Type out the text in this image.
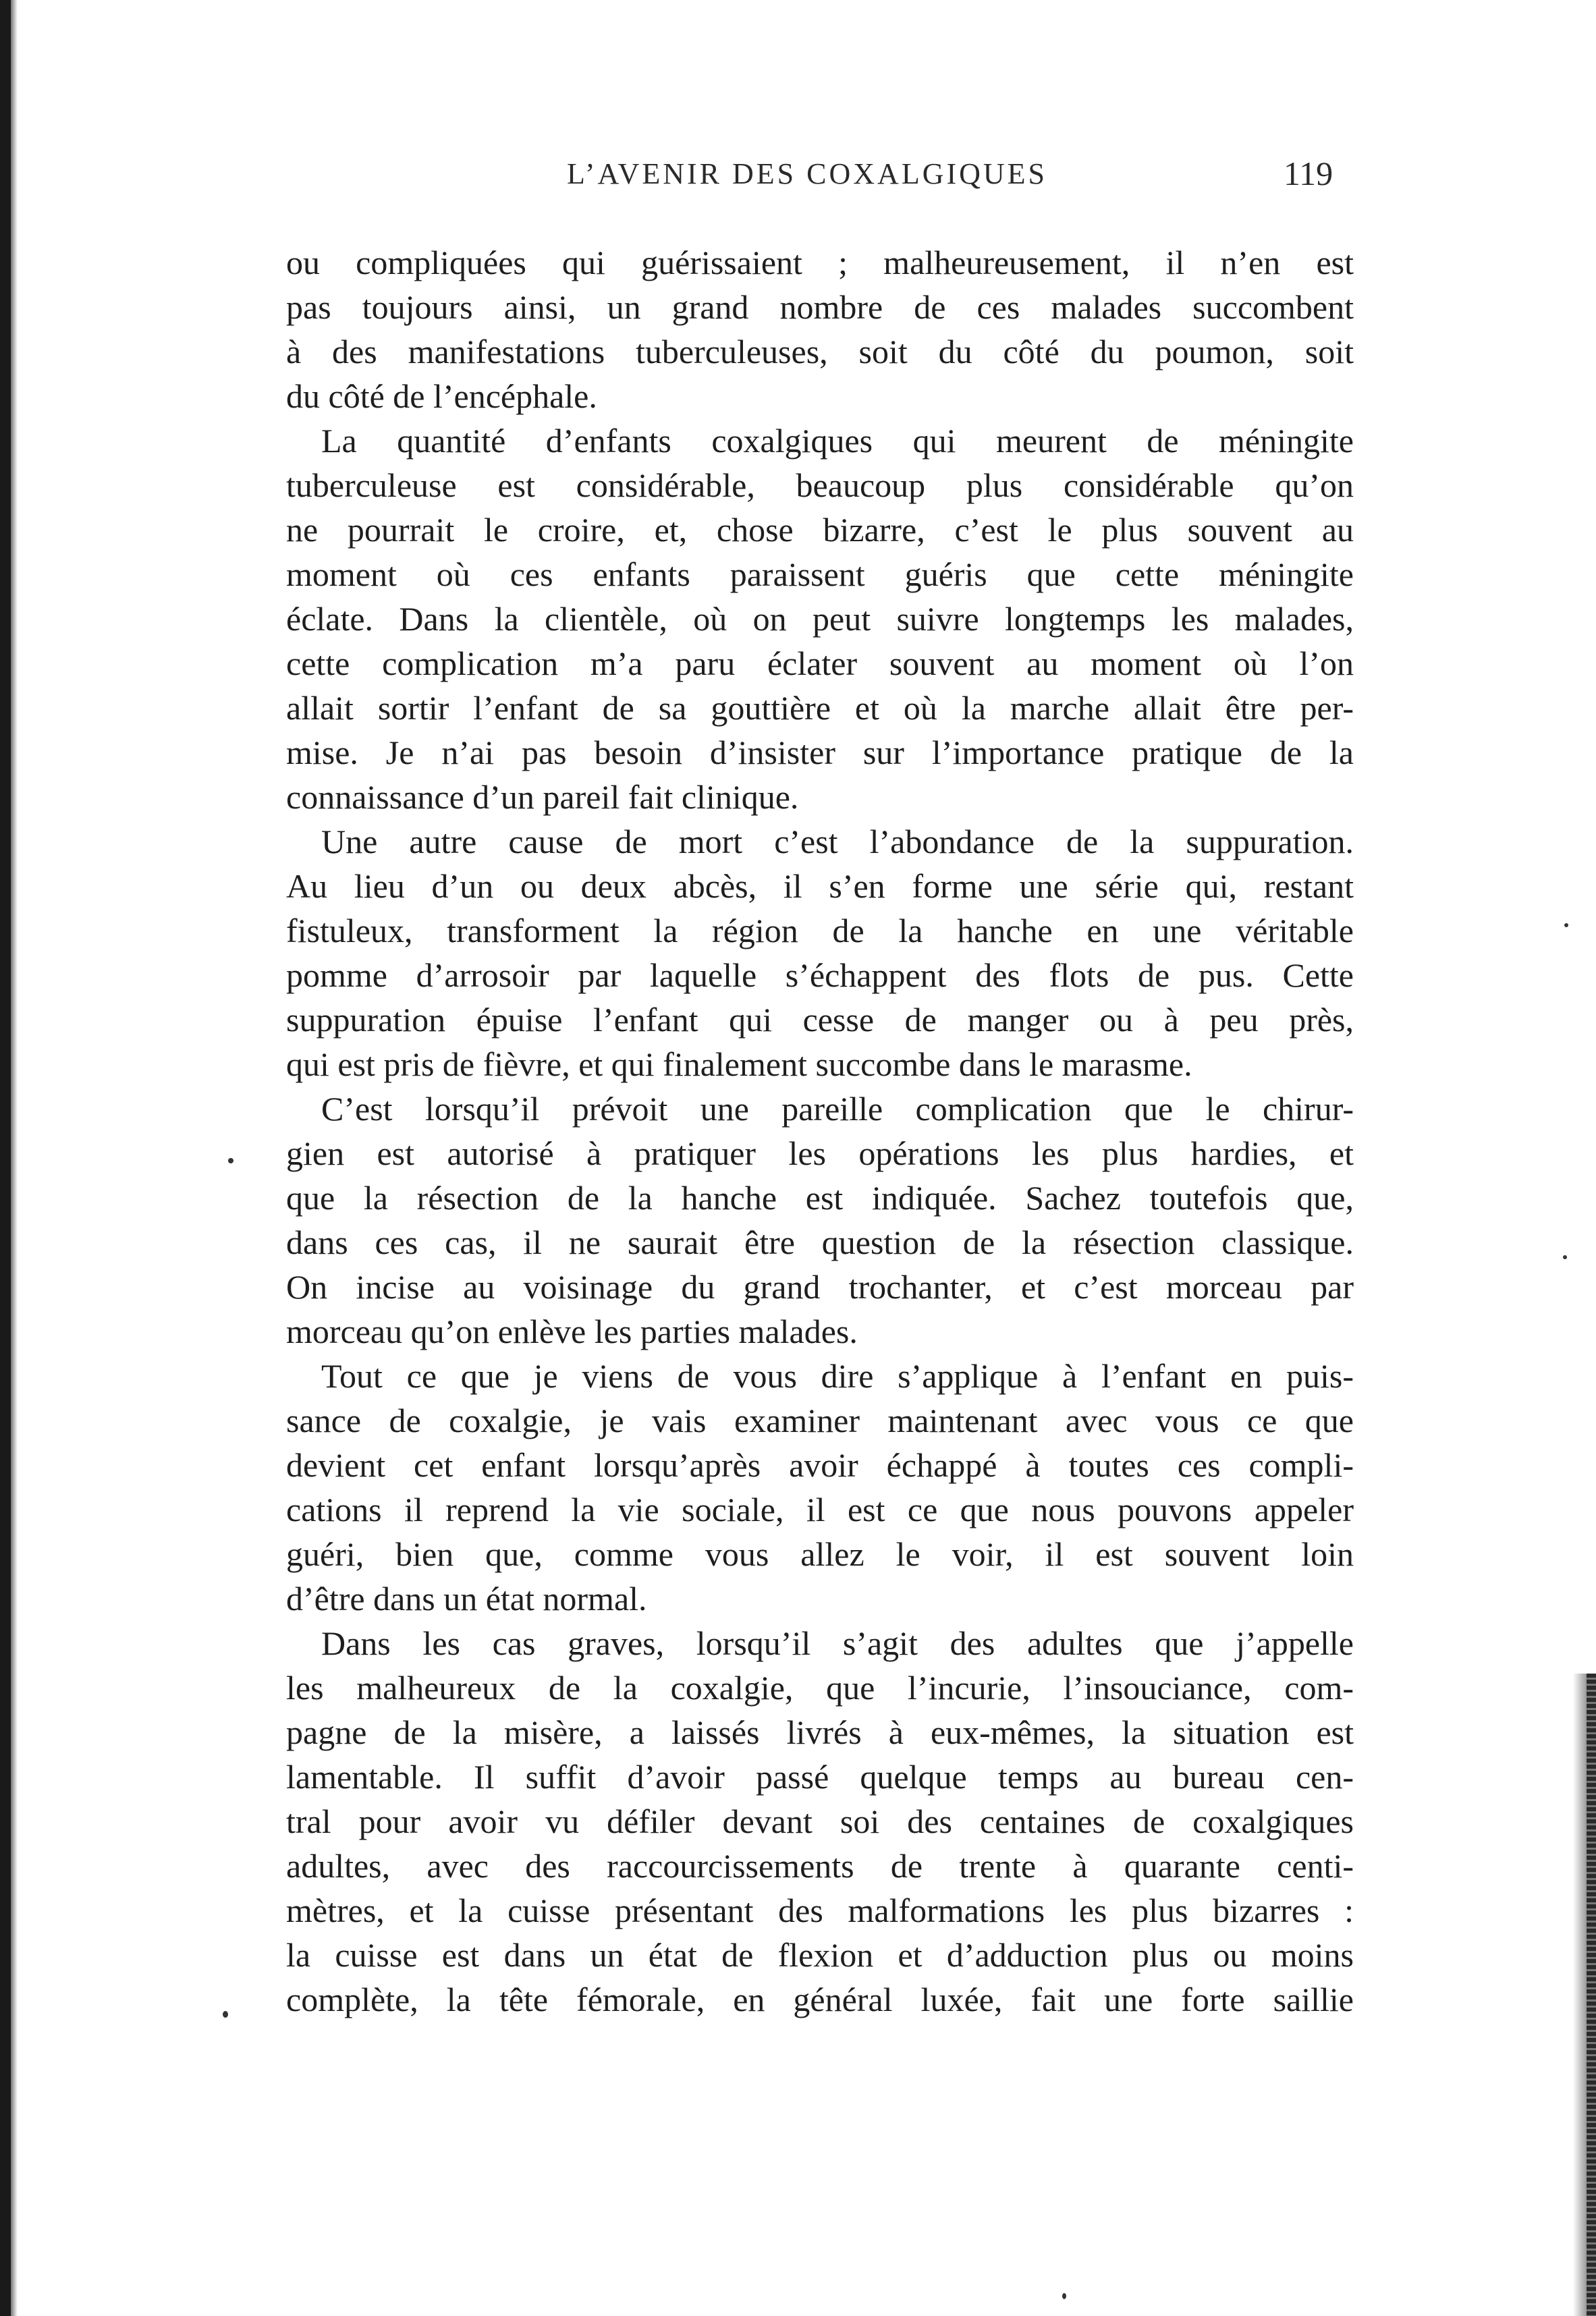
L’AVENIR DES COXALGIQUES	119
ou compliquées qui guérissaient ; malheureusement, il n’en est
pas toujours ainsi, un grand nombre de ces malades succombent
à des manifestations tuberculeuses, soit du côté du poumon, soit
du côté de l’encéphale.
La quantité d’enfants coxalgiques qui meurent de méningite
tuberculeuse est considérable, beaucoup plus considérable qu’on
ne pourrait le croire, et, chose bizarre, c’est le plus souvent au
moment où ces enfants paraissent guéris que cette méningite
éclate. Dans la clientèle, où on peut suivre longtemps les malades,
cette complication m’a paru éclater souvent au moment où l’on
allait sortir l’enfant de sa gouttière et où la marche allait être per-
mise. Je n’ai pas besoin d’insister sur l’importance pratique de la
connaissance d’un pareil fait clinique.
Une autre cause de mort c’est l’abondance de la suppuration.
Au lieu d’un ou deux abcès, il s’en forme une série qui, restant
fistuleux, transforment la région de la hanche en une véritable
pomme d’arrosoir par laquelle s’échappent des flots de pus. Cette
suppuration épuise l’enfant qui cesse de manger ou à peu près,
qui est pris de fièvre, et qui finalement succombe dans le marasme.
C’est lorsqu’il prévoit une pareille complication que le chirur-
gien est autorisé à pratiquer les opérations les plus hardies, et
que la résection de la hanche est indiquée. Sachez toutefois que,
dans ces cas, il ne saurait être question de la résection classique.
On incise au voisinage du grand trochanter, et c’est morceau par
morceau qu’on enlève les parties malades.
Tout ce que je viens de vous dire s’applique à l’enfant en puis-
sance de coxalgie, je vais examiner maintenant avec vous ce que
devient cet enfant lorsqu’après avoir échappé à toutes ces compli-
cations il reprend la vie sociale, il est ce que nous pouvons appeler
guéri, bien que, comme vous allez le voir, il est souvent loin
d’être dans un état normal.
Dans les cas graves, lorsqu’il s’agit des adultes que j’appelle
les malheureux de la coxalgie, que l’incurie, l’insouciance, com-
pagne de la misère, a laissés livrés à eux-mêmes, la situation est
lamentable. Il suffit d’avoir passé quelque temps au bureau cen-
tral pour avoir vu défiler devant soi des centaines de coxalgiques
adultes, avec des raccourcissements de trente à quarante centi-
mètres, et la cuisse présentant des malformations les plus bizarres :
la cuisse est dans un état de flexion et d’adduction plus ou moins
complète, la tête fémorale, en général luxée, fait une forte saillie
